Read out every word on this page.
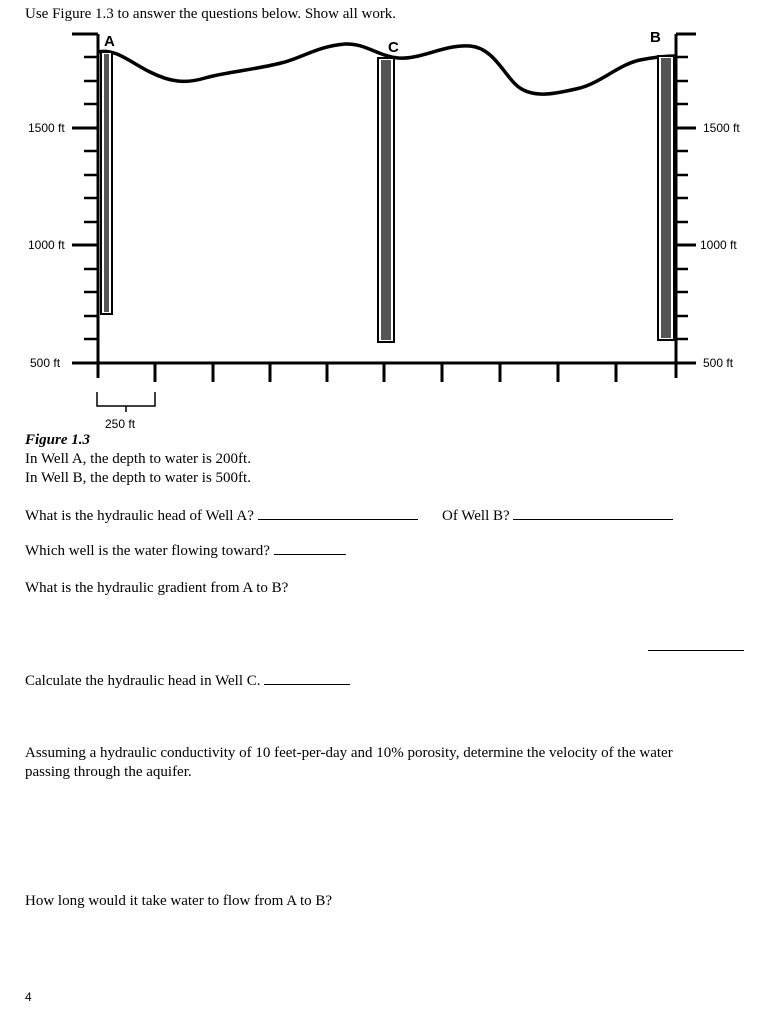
Use Figure 1.3 to answer the questions below. Show all work.
A	C
B
1500 ft
1000 ft
500 ft
1500 ft
1000 ft
500 ft
250 ft
Figure 1.3
In Well A, the depth to water is 200ft.
In Well B, the depth to water is 500ft.
What is the hydraulic head of Well A?	Of Well B?
Which well is the water flowing toward?
What is the hydraulic gradient from A to B?
Calculate the hydraulic head in Well C.
Assuming a hydraulic conductivity of 10 feet-per-day and 10% porosity, determine the velocity of the water
passing through the aquifer.
How long would it take water to flow from A to B?
4
